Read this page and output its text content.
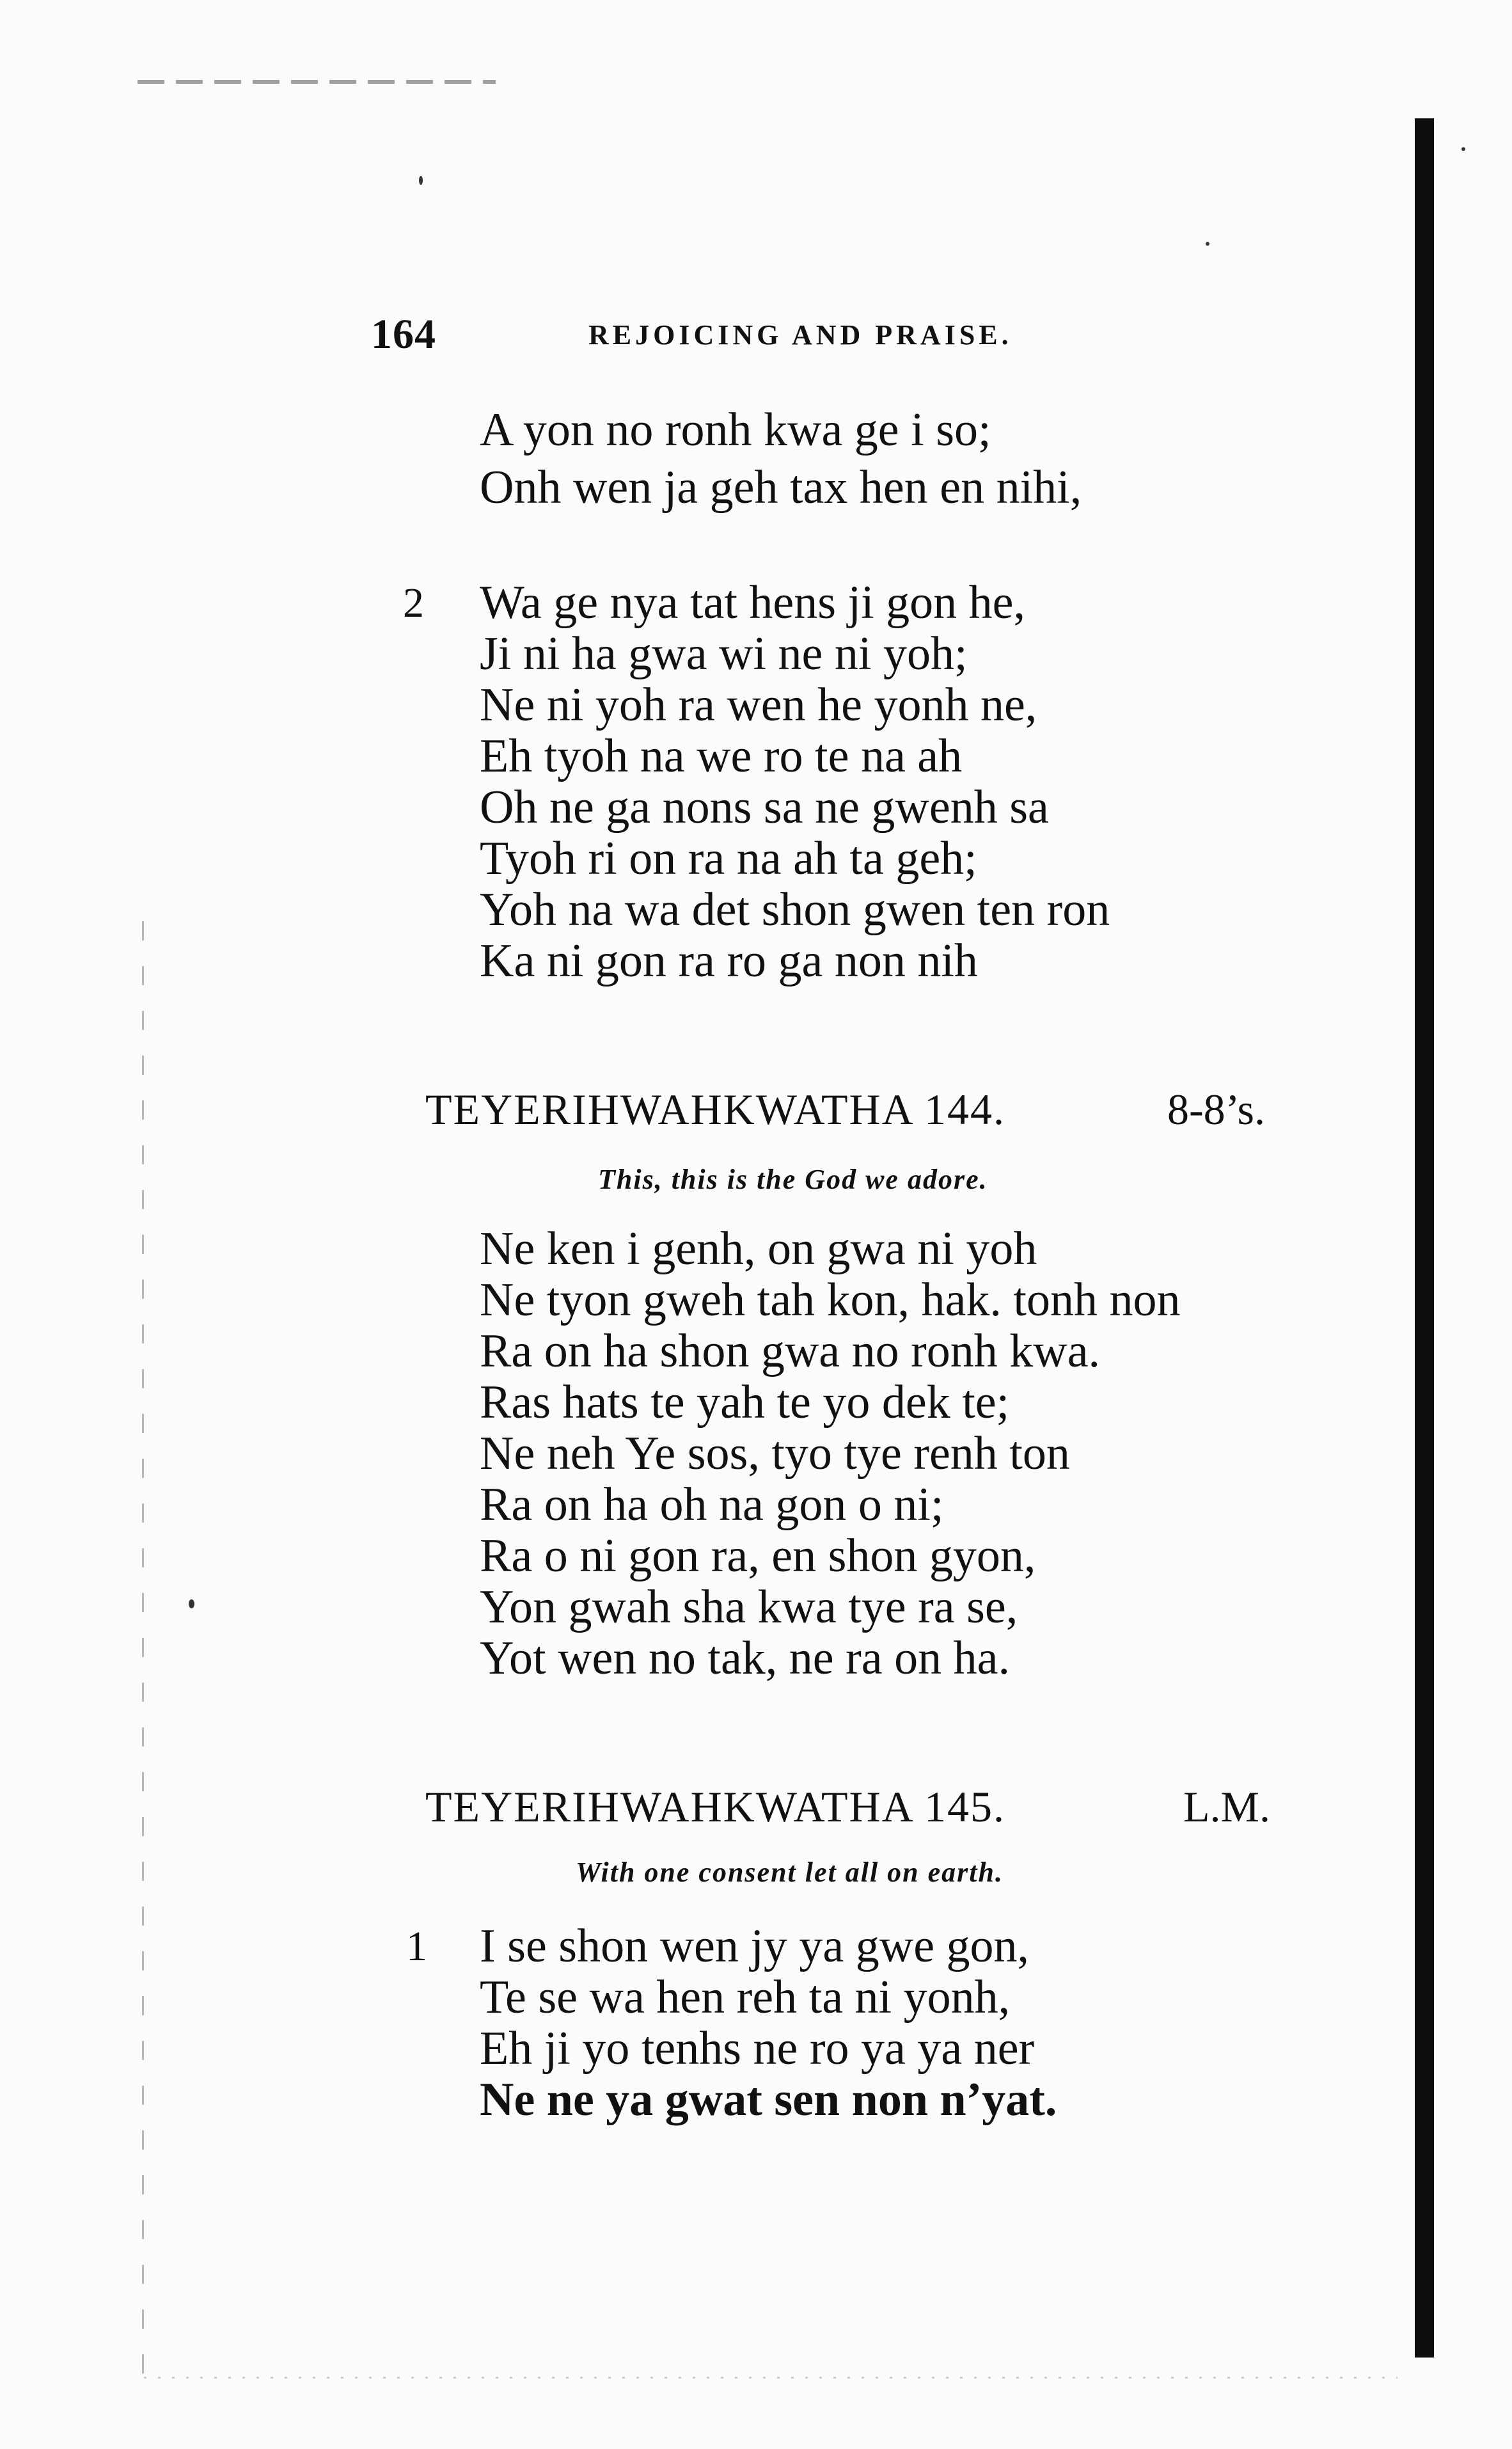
164	REJOICING AND PRAISE.
A yon no ronh kwa ge i so;
Onh wen ja geh tax hen en nihi,
2 Wa ge nya tat hens ji gon he,
Ji ni ha gwa wi ne ni yoh;
Ne ni yoh ra wen he yonh ne,
Eh tyoh na we ro te na ah
Oh ne ga nons sa ne gwenh sa
Tyoh ri on ra na ah ta geh;
Yoh na wa det shon gwen ten ron
Ka ni gon ra ro ga non nih
TEYERIHWAHKWATHA 144.	8-8’s.
This, this is the God we adore.
Ne ken i genh, on gwa ni yoh
Ne tyon gweh tah kon, hak. tonh non
Ra on ha shon gwa no ronh kwa.
Ras hats te yah te yo dek te;
Ne neh Ye sos, tyo tye renh ton
Ra on ha oh na gon o ni;
Ra o ni gon ra, en shon gyon,
Yon gwah sha kwa tye ra se,
Yot wen no tak, ne ra on ha.
TEYERIHWAHKWATHA 145.	L.M.
With one consent let all on earth.
1 I se shon wen jy ya gwe gon,
Te se wa hen reh ta ni yonh,
Eh ji yo tenhs ne ro ya ya ner
Ne ne ya gwat sen non n’yat.
